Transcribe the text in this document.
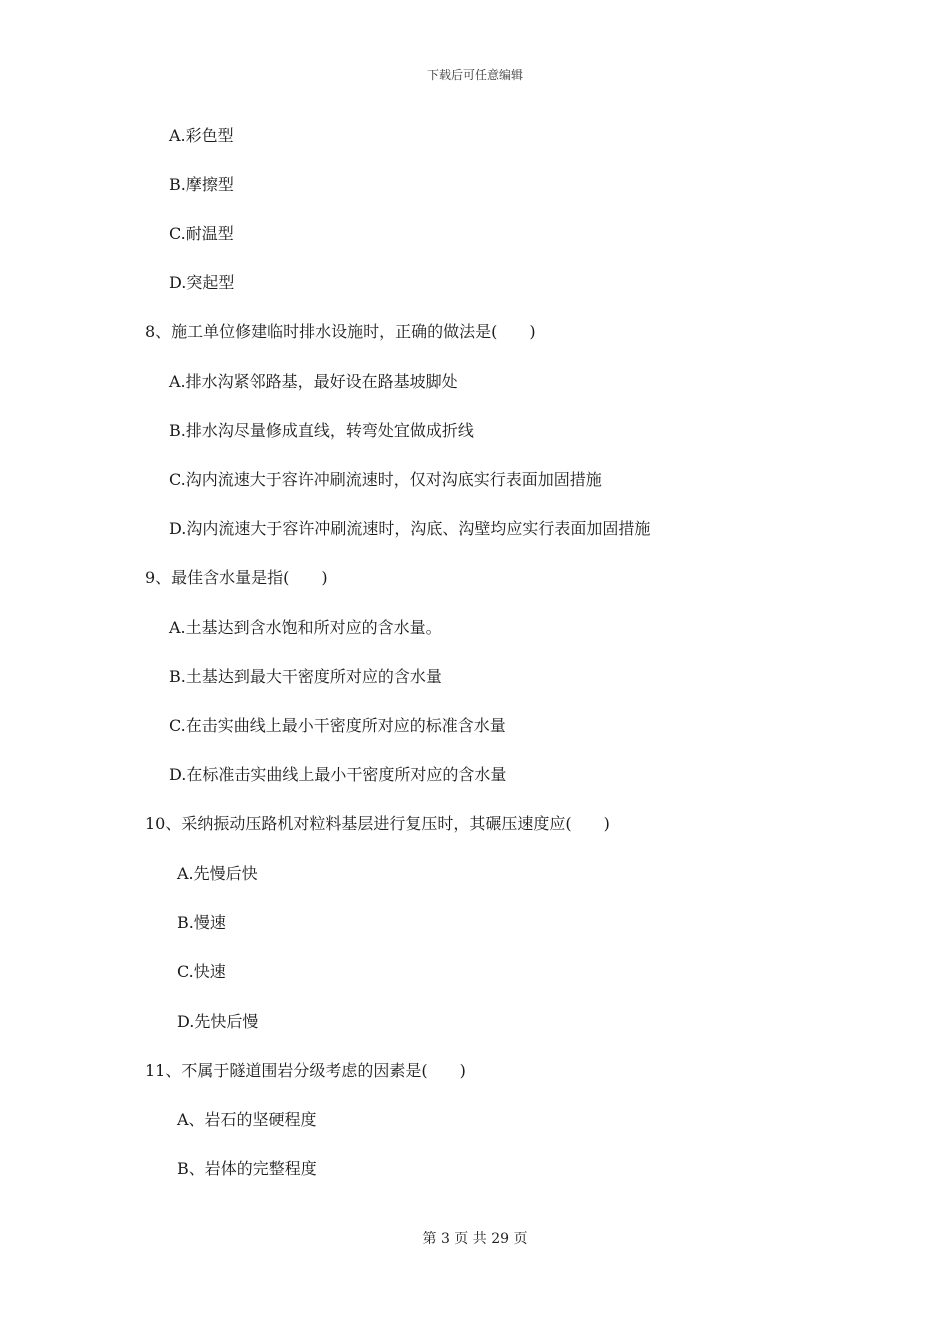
下载后可任意编辑
A.彩色型
B.摩擦型
C.耐温型
D.突起型
8、施工单位修建临时排水设施时，正确的做法是(　　)
A.排水沟紧邻路基，最好设在路基坡脚处
B.排水沟尽量修成直线，转弯处宜做成折线
C.沟内流速大于容许冲刷流速时，仅对沟底实行表面加固措施
D.沟内流速大于容许冲刷流速时，沟底、沟壁均应实行表面加固措施
9、最佳含水量是指(　　)
A.土基达到含水饱和所对应的含水量。
B.土基达到最大干密度所对应的含水量
C.在击实曲线上最小干密度所对应的标准含水量
D.在标准击实曲线上最小干密度所对应的含水量
10、采纳振动压路机对粒料基层进行复压时，其碾压速度应(　　)
A.先慢后快
B.慢速
C.快速
D.先快后慢
11、不属于隧道围岩分级考虑的因素是(　　)
A、岩石的坚硬程度
B、岩体的完整程度
第 3 页 共 29 页
